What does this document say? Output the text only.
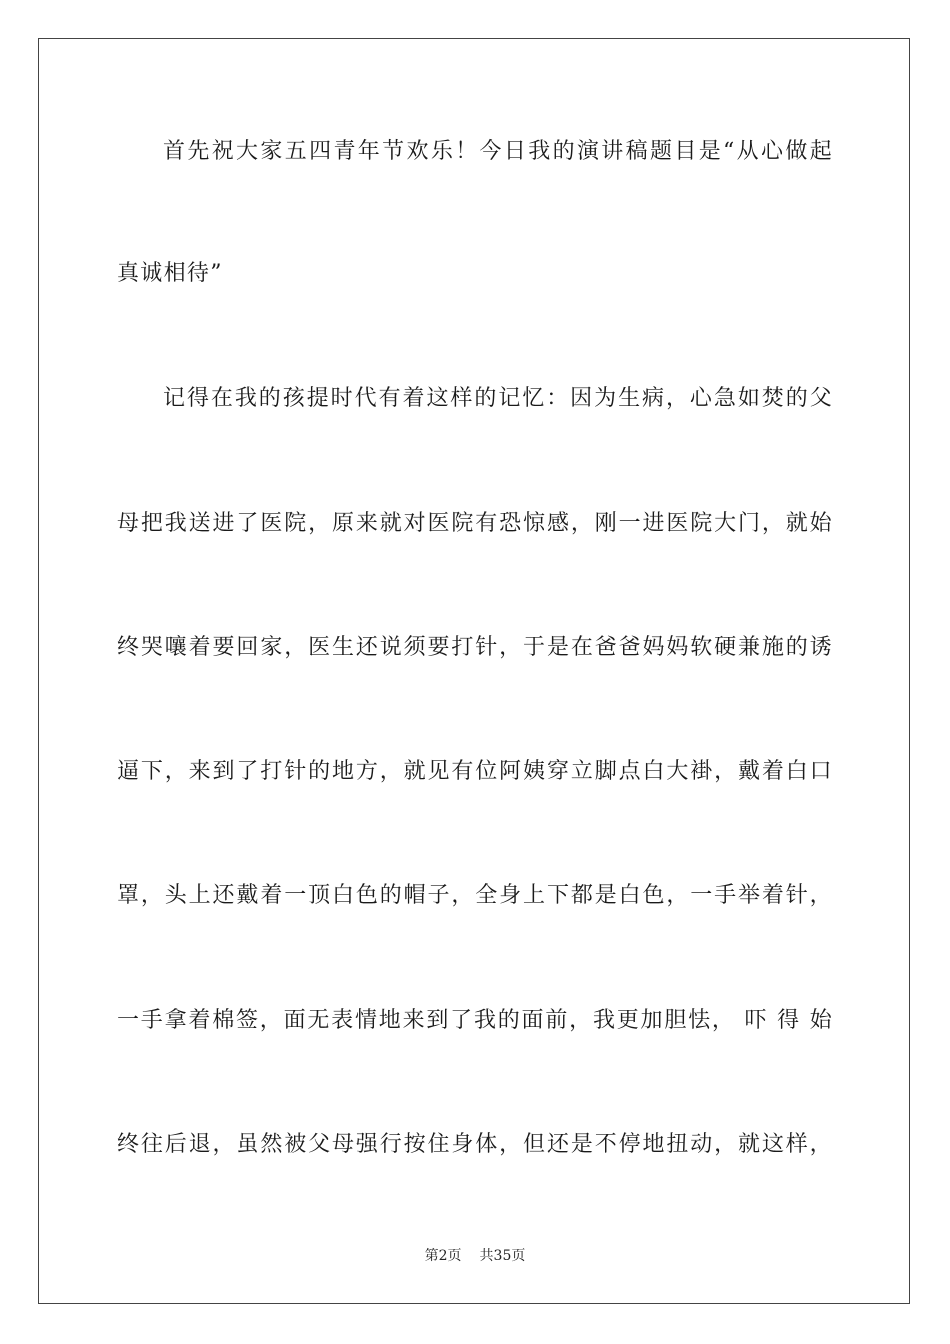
首先祝大家五四青年节欢乐！今日我的演讲稿题目是“从心做起
真诚相待”
记得在我的孩提时代有着这样的记忆：因为生病，心急如焚的父
母把我送进了医院，原来就对医院有恐惊感，刚一进医院大门，就始
终哭嚷着要回家，医生还说须要打针，于是在爸爸妈妈软硬兼施的诱
逼下，来到了打针的地方，就见有位阿姨穿立脚点白大褂，戴着白口
罩，头上还戴着一顶白色的帽子，全身上下都是白色，一手举着针，
一手拿着棉签，面无表情地来到了我的面前，我更加胆怯， 吓 得 始
终往后退，虽然被父母强行按住身体，但还是不停地扭动，就这样，
第2页 共35页
